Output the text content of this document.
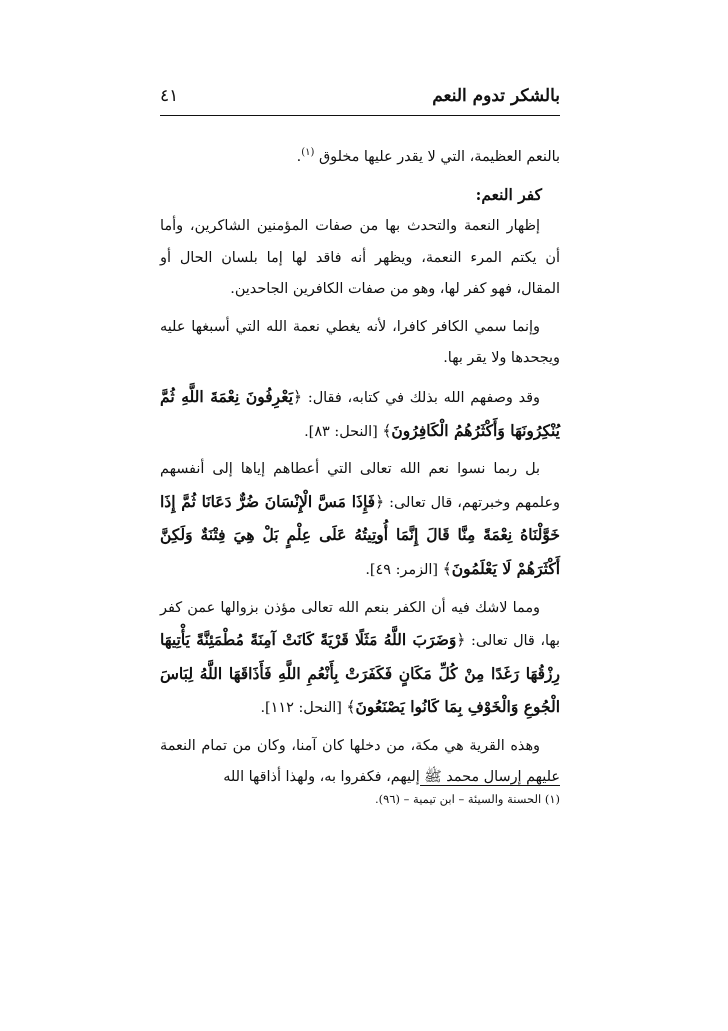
بالشكر تدوم النعم
٤١

بالنعم العظيمة، التي لا يقدر عليها مخلوق $^{(١)}$.

كفر النعم:

إظهار النعمة والتحدث بها من صفات المؤمنين الشاكرين، وأما أن يكتم المرء النعمة، ويظهر أنه فاقد لها إما بلسان الحال أو المقال، فهو كفر لها، وهو من صفات الكافرين الجاحدين.

وإنما سمي الكافر كافرا، لأنه يغطي نعمة الله التي أسبغها عليه ويجحدها ولا يقر بها.

وقد وصفهم الله بذلك في كتابه، فقال: ﴿يَعْرِفُونَ نِعْمَةَ اللَّهِ ثُمَّ يُنْكِرُونَهَا وَأَكْثَرُهُمُ الْكَافِرُونَ﴾ [النحل: ٨٣].

بل ربما نسوا نعم الله تعالى التي أعطاهم إياها إلى أنفسهم وعلمهم وخبرتهم، قال تعالى: ﴿فَإِذَا مَسَّ الْإِنْسَانَ ضُرٌّ دَعَانَا ثُمَّ إِذَا خَوَّلْنَاهُ نِعْمَةً مِنَّا قَالَ إِنَّمَا أُوتِيتُهُ عَلَى عِلْمٍ بَلْ هِيَ فِتْنَةٌ وَلَكِنَّ أَكْثَرَهُمْ لَا يَعْلَمُونَ﴾ [الزمر: ٤٩].

ومما لاشك فيه أن الكفر بنعم الله تعالى مؤذن بزوالها عمن كفر بها، قال تعالى: ﴿وَضَرَبَ اللَّهُ مَثَلًا قَرْيَةً كَانَتْ آمِنَةً مُطْمَئِنَّةً يَأْتِيهَا رِزْقُهَا رَغَدًا مِنْ كُلِّ مَكَانٍ فَكَفَرَتْ بِأَنْعُمِ اللَّهِ فَأَذَاقَهَا اللَّهُ لِبَاسَ الْجُوعِ وَالْخَوْفِ بِمَا كَانُوا يَصْنَعُونَ﴾ [النحل: ١١٢].

وهذه القرية هي مكة، من دخلها كان آمنا، وكان من تمام النعمة عليهم إرسال محمد ﷺ إليهم، فكفروا به، ولهذا أذاقها الله

(١) الحسنة والسيئة – ابن تيمية – (٩٦).
